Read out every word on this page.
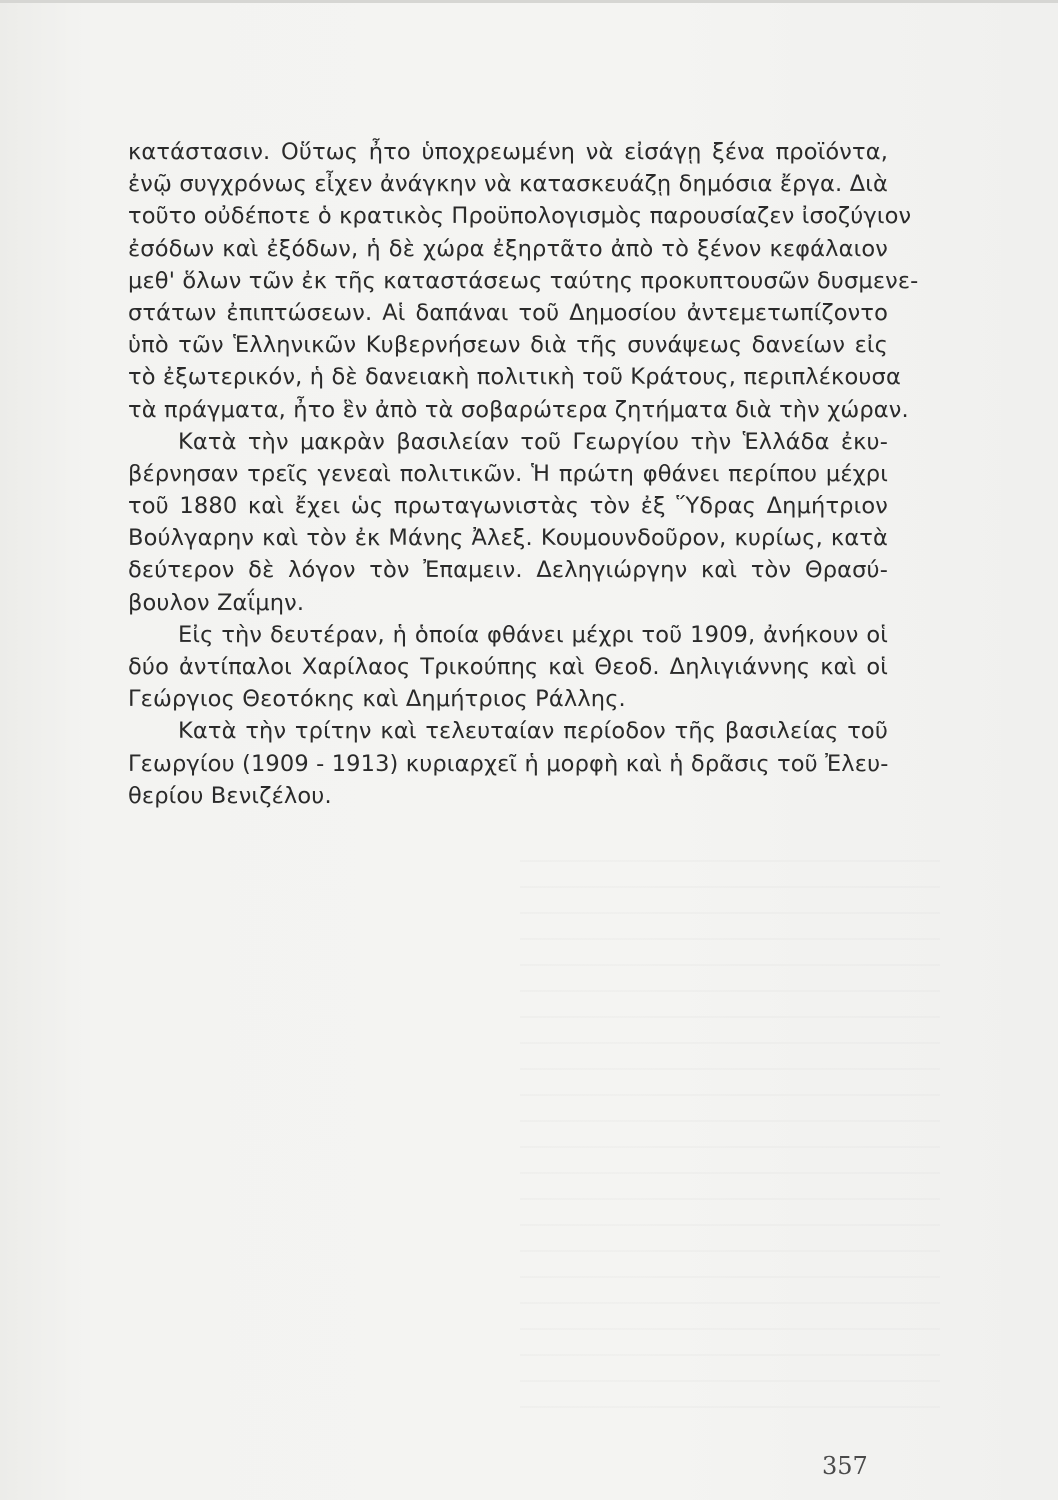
κατάστασιν. Οὕτως ἦτο ὑποχρεωμένη νὰ εἰσάγῃ ξένα προϊόντα,
ἐνῷ συγχρόνως εἶχεν ἀνάγκην νὰ κατασκευάζῃ δημόσια ἔργα. Διὰ
τοῦτο οὐδέποτε ὁ κρατικὸς Προϋπολογισμὸς παρουσίαζεν ἰσοζύγιον
ἐσόδων καὶ ἐξόδων, ἡ δὲ χώρα ἐξηρτᾶτο ἀπὸ τὸ ξένον κεφάλαιον
μεθ' ὅλων τῶν ἐκ τῆς καταστάσεως ταύτης προκυπτουσῶν δυσμενε-
στάτων ἐπιπτώσεων. Αἱ δαπάναι τοῦ Δημοσίου ἀντεμετωπίζοντο
ὑπὸ τῶν Ἑλληνικῶν Κυβερνήσεων διὰ τῆς συνάψεως δανείων εἰς
τὸ ἐξωτερικόν, ἡ δὲ δανειακὴ πολιτικὴ τοῦ Κράτους, περιπλέκουσα
τὰ πράγματα, ἦτο ἓν ἀπὸ τὰ σοβαρώτερα ζητήματα διὰ τὴν χώραν.
Κατὰ τὴν μακρὰν βασιλείαν τοῦ Γεωργίου τὴν Ἑλλάδα ἐκυ-
βέρνησαν τρεῖς γενεαὶ πολιτικῶν. Ἡ πρώτη φθάνει περίπου μέχρι
τοῦ 1880 καὶ ἔχει ὡς πρωταγωνιστὰς τὸν ἐξ Ὕδρας Δημήτριον
Βούλγαρην καὶ τὸν ἐκ Μάνης Ἀλεξ. Κουμουνδοῦρον, κυρίως, κατὰ
δεύτερον δὲ λόγον τὸν Ἐπαμειν. Δεληγιώργην καὶ τὸν Θρασύ-
βουλον Ζαΐμην.
Εἰς τὴν δευτέραν, ἡ ὁποία φθάνει μέχρι τοῦ 1909, ἀνήκουν οἱ
δύο ἀντίπαλοι Χαρίλαος Τρικούπης καὶ Θεοδ. Δηλιγιάννης καὶ οἱ
Γεώργιος Θεοτόκης καὶ Δημήτριος Ράλλης.
Κατὰ τὴν τρίτην καὶ τελευταίαν περίοδον τῆς βασιλείας τοῦ
Γεωργίου (1909 - 1913) κυριαρχεῖ ἡ μορφὴ καὶ ἡ δρᾶσις τοῦ Ἐλευ-
θερίου Βενιζέλου.
357
